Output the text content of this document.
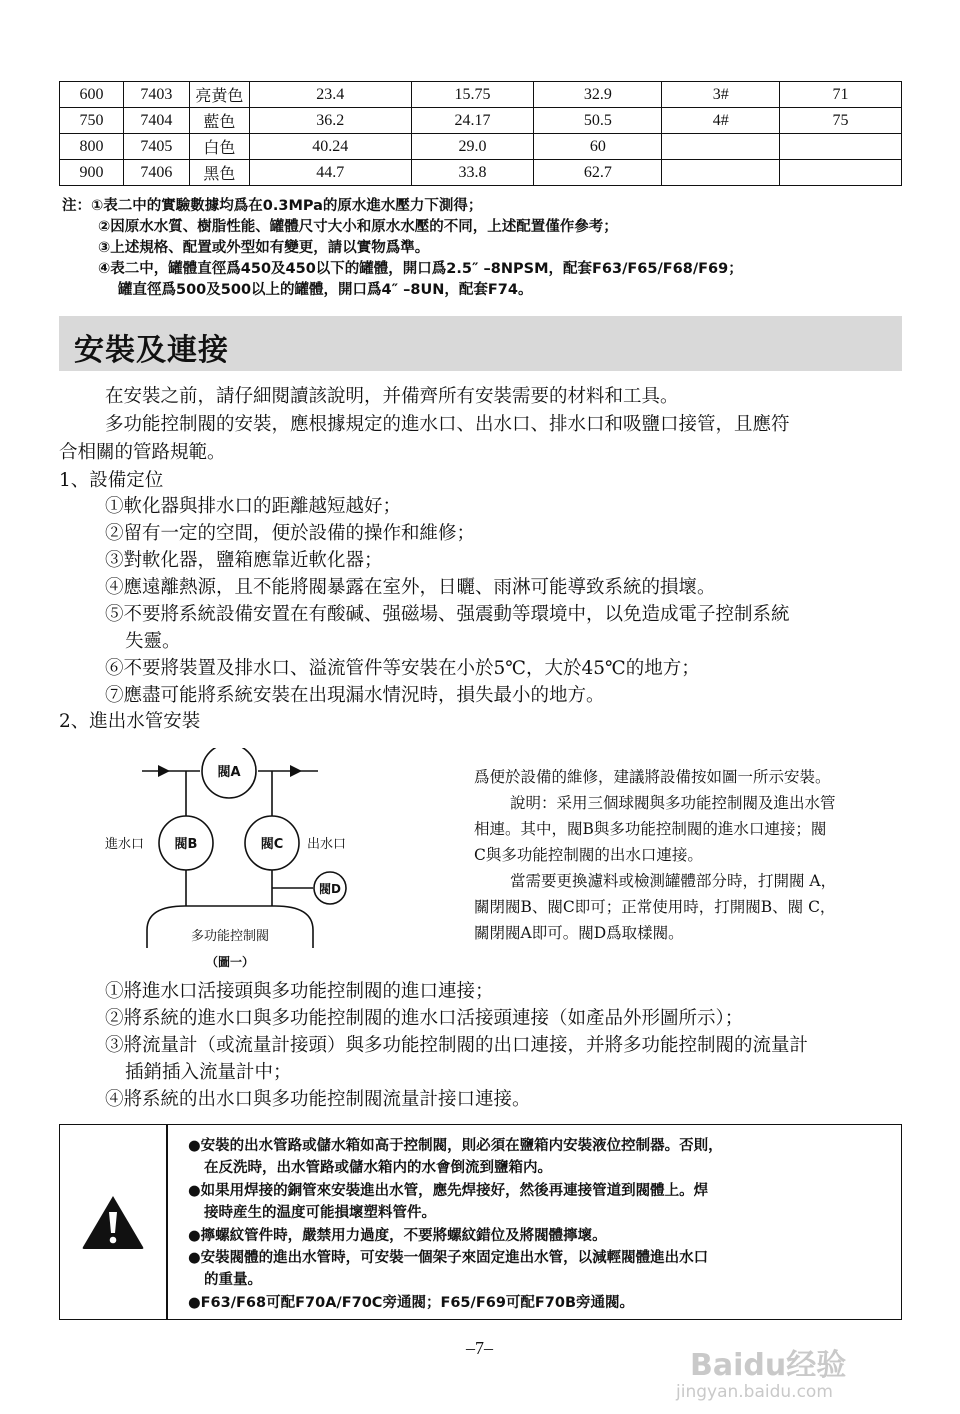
600	7403	亮黄色	23.4	15.75	32.9	3#	71
750	7404	藍色	36.2	24.17	50.5	4#	75
800	7405	白色	40.24	29.0	60		
900	7406	黑色	44.7	33.8	62.7		
注：①表二中的實驗數據均爲在0.3MPa的原水進水壓力下測得；
②因原水水質、樹脂性能、罐體尺寸大小和原水水壓的不同，上述配置僅作參考；
③上述規格、配置或外型如有變更，請以實物爲準。
④表二中，罐體直徑爲450及450以下的罐體，開口爲2.5″ –8NPSM，配套F63/F65/F68/F69；
罐直徑爲500及500以上的罐體，開口爲4″ –8UN，配套F74。
安裝及連接
在安裝之前，請仔細閱讀該說明，并備齊所有安裝需要的材料和工具。
多功能控制閥的安裝，應根據規定的進水口、出水口、排水口和吸鹽口接管，且應符
合相關的管路規範。
1、設備定位
①軟化器與排水口的距離越短越好；
②留有一定的空間，便於設備的操作和維修；
③對軟化器，鹽箱應靠近軟化器；
④應遠離熱源，且不能將閥暴露在室外，日曬、雨淋可能導致系統的損壞。
⑤不要將系統設備安置在有酸碱、强磁場、强震動等環境中，以免造成電子控制系統
失靈。
⑥不要將裝置及排水口、溢流管件等安裝在小於5℃，大於45℃的地方；
⑦應盡可能將系統安裝在出現漏水情況時，損失最小的地方。
2、進出水管安裝
閥A
閥B	閥C
閥D
多功能控制閥
（圖一）
進水口	出水口
爲便於設備的維修，建議將設備按如圖一所示安裝。
說明：采用三個球閥與多功能控制閥及進出水管
相連。其中，閥B與多功能控制閥的進水口連接；閥
C與多功能控制閥的出水口連接。
當需要更換濾料或檢測罐體部分時，打開閥 A，
關閉閥B、閥C即可；正常使用時，打開閥B、閥 C，
關閉閥A即可。閥D爲取樣閥。
①將進水口活接頭與多功能控制閥的進口連接；
②將系統的進水口與多功能控制閥的進水口活接頭連接（如產品外形圖所示）；
③將流量計（或流量計接頭）與多功能控制閥的出口連接，并將多功能控制閥的流量計
插銷插入流量計中；
④將系統的出水口與多功能控制閥流量計接口連接。
●安裝的出水管路或儲水箱如高于控制閥，則必須在鹽箱内安裝液位控制器。否則，
在反洗時，出水管路或儲水箱内的水會倒流到鹽箱内。
●如果用焊接的銅管來安裝進出水管，應先焊接好，然後再連接管道到閥體上。焊
接時産生的温度可能損壞塑料管件。
●擰螺紋管件時，嚴禁用力過度，不要將螺紋錯位及將閥體擰壞。
●安裝閥體的進出水管時，可安裝一個架子來固定進出水管，以減輕閥體進出水口
的重量。
●F63/F68可配F70A/F70C旁通閥；F65/F69可配F70B旁通閥。
–7–	Baidu经验
jingyan.baidu.com
